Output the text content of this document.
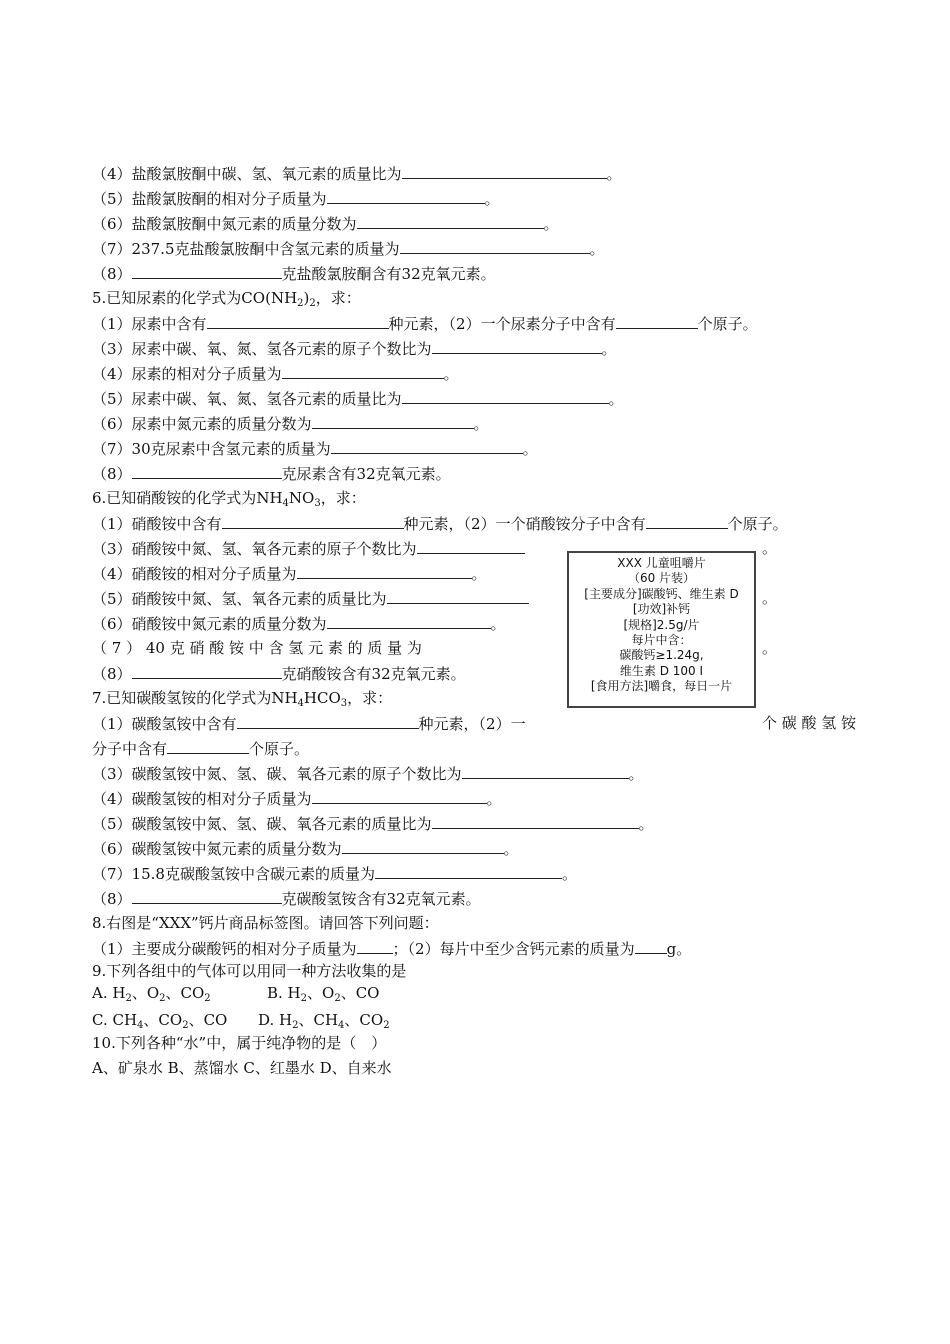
（4）盐酸氯胺酮中碳、氢、氧元素的质量比为	。
（5）盐酸氯胺酮的相对分子质量为	。
（6）盐酸氯胺酮中氮元素的质量分数为	。
（7）237.5克盐酸氯胺酮中含氢元素的质量为	。
（8）	克盐酸氯胺酮含有32克氧元素。
5.已知尿素的化学式为$CO(NH_2)_2$，求：
（1）尿素中含有	种元素，（2）一个尿素分子中含有	个原子。
（3）尿素中碳、氧、氮、氢各元素的原子个数比为	。
（4）尿素的相对分子质量为	。
（5）尿素中碳、氧、氮、氢各元素的质量比为	。
（6）尿素中氮元素的质量分数为	。
（7）30克尿素中含氢元素的质量为	。
（8）	克尿素含有32克氧元素。
6.已知硝酸铵的化学式为$NH_4NO_3$，求：
（1）硝酸铵中含有	种元素，（2）一个硝酸铵分子中含有	个原子。
（3）硝酸铵中氮、氢、氧各元素的原子个数比为	。
（4）硝酸铵的相对分子质量为	。
（5）硝酸铵中氮、氢、氧各元素的质量比为	。
（6）硝酸铵中氮元素的质量分数为	。
（ 7 ） 40 克 硝 酸 铵 中 含 氢 元 素 的 质 量 为	。
（8）	克硝酸铵含有32克氧元素。
XXX 儿童咀嚼片
（60 片装）
[主要成分]碳酸钙、维生素 D
[功效]补钙
[规格]2.5g/片
每片中含：
碳酸钙≥1.24g,
维生素 D 100 I
[食用方法]嚼食，每日一片
7.已知碳酸氢铵的化学式为$NH_4HCO_3$，求：
（1）碳酸氢铵中含有	种元素，（2）一	个 碳 酸 氢 铵
分子中含有	个原子。
（3）碳酸氢铵中氮、氢、碳、氧各元素的原子个数比为	。
（4）碳酸氢铵的相对分子质量为	。
（5）碳酸氢铵中氮、氢、碳、氧各元素的质量比为	。
（6）碳酸氢铵中氮元素的质量分数为	。
（7）15.8克碳酸氢铵中含碳元素的质量为	。
（8）	克碳酸氢铵含有32克氧元素。
8.右图是“XXX”钙片商品标签图。请回答下列问题：
（1）主要成分碳酸钙的相对分子质量为 ；（2）每片中至少含钙元素的质量为 g。
9.下列各组中的气体可以用同一种方法收集的是
A. $H_2$、$O_2$、$CO_2$	B. $H_2$、$O_2$、CO
C. $CH_4$、$CO_2$、CO D. $H_2$、$CH_4$、$CO_2$
10.下列各种“水”中，属于纯净物的是（　）
A、矿泉水 B、蒸馏水 C、红墨水 D、自来水
